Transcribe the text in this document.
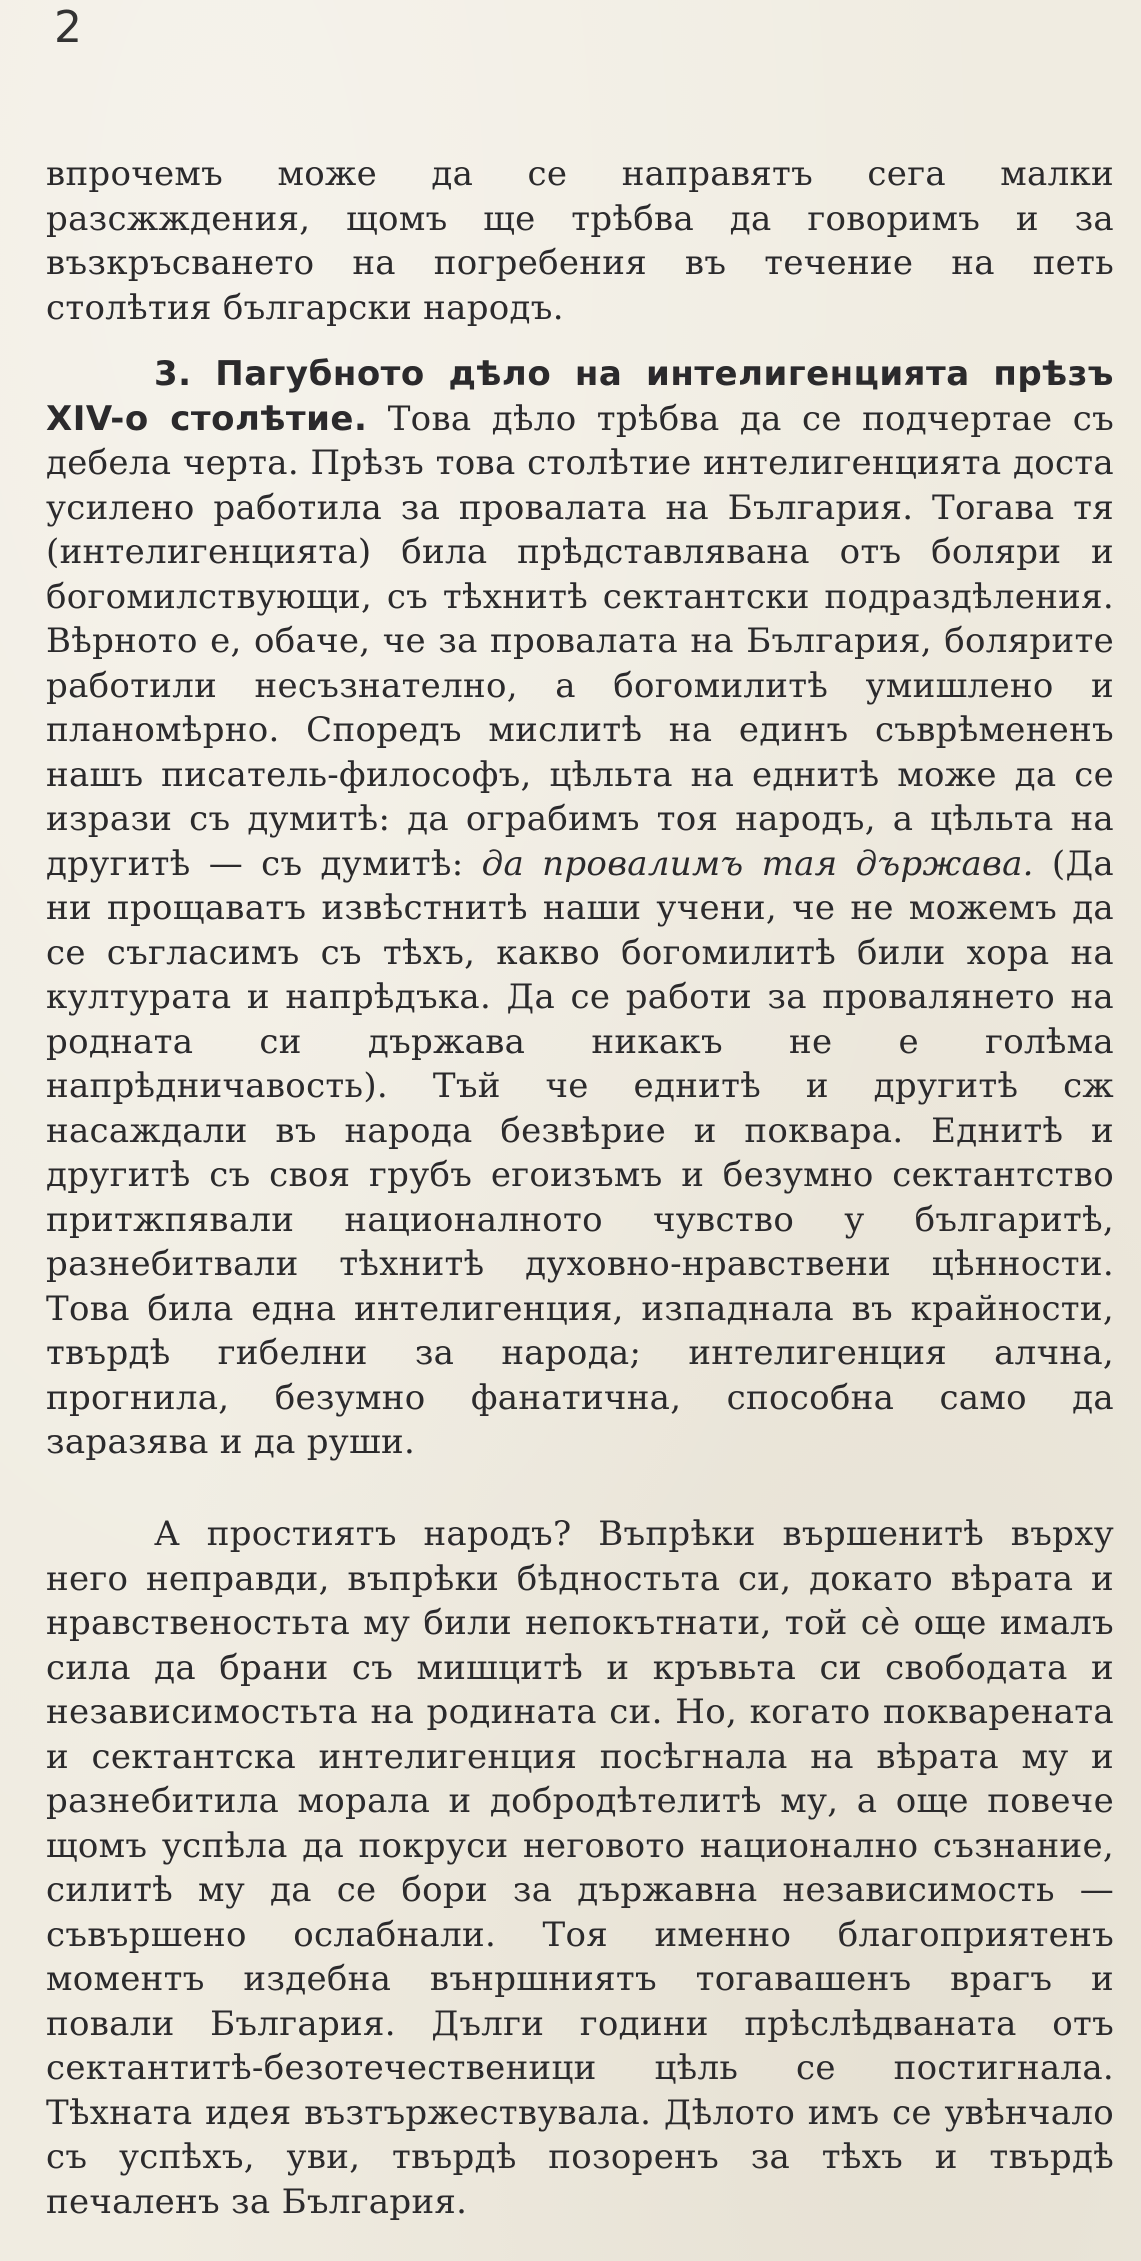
2

впрочемъ може да се направятъ сега малки разсжждения, щомъ ще трѣбва да говоримъ и за възкръсването на погребения въ течение на петь столѣтия български народъ.

3. Пагубното дѣло на интелигенцията прѣзъ XIV-о столѣтие. Това дѣло трѣбва да се подчертае съ дебела черта. Прѣзъ това столѣтие интелигенцията доста усилено работила за провалата на България. Тогава тя (интелигенцията) била прѣдставлявана отъ боляри и богомилствующи, съ тѣхнитѣ сектантски подраздѣления. Вѣрното е, обаче, че за провалата на България, болярите работили несъзнателно, а богомилитѣ умишлено и планомѣрно. Споредъ мислитѣ на единъ съврѣмененъ нашъ писатель-философъ, цѣльта на еднитѣ може да се изрази съ думитѣ: да ограбимъ тоя народъ, а цѣльта на другитѣ — съ думитѣ: да провалимъ тая държава. (Да ни прощаватъ извѣстнитѣ наши учени, че не можемъ да се съгласимъ съ тѣхъ, какво богомилитѣ били хора на културата и напрѣдъка. Да се работи за провалянето на родната си държава никакъ не е голѣма напрѣдничавость). Тъй че еднитѣ и другитѣ сж насаждали въ народа безвѣрие и поквара. Еднитѣ и другитѣ съ своя грубъ егоизъмъ и безумно сектантство притжпявали националното чувство у българитѣ, разнебитвали тѣхнитѣ духовно-нравствени цѣнности. Това била една интелигенция, изпаднала въ крайности, твърдѣ гибелни за народа; интелигенция алчна, прогнила, безумно фанатична, способна само да заразява и да руши.

А простиятъ народъ? Въпрѣки вършенитѣ върху него неправди, въпрѣки бѣдностьта си, докато вѣрата и нравственостьта му били непокътнати, той сѐ още ималъ сила да брани съ мишцитѣ и кръвьта си свободата и независимостьта на родината си. Но, когато покварената и сектантска интелигенция посѣгнала на вѣрата му и разнебитила морала и добродѣтелитѣ му, а още повече щомъ успѣла да покруси неговото национално съзнание, силитѣ му да се бори за държавна независимость — съвършено ослабнали. Тоя именно благоприятенъ моментъ издебна вънршниятъ тогавашенъ врагъ и повали България. Дълги години прѣслѣдваната отъ сектантитѣ-безотечественици цѣль се постигнала. Тѣхната идея възтържествувала. Дѣлото имъ се увѣнчало съ успѣхъ, уви, твърдѣ позоренъ за тѣхъ и твърдѣ печаленъ за България.
